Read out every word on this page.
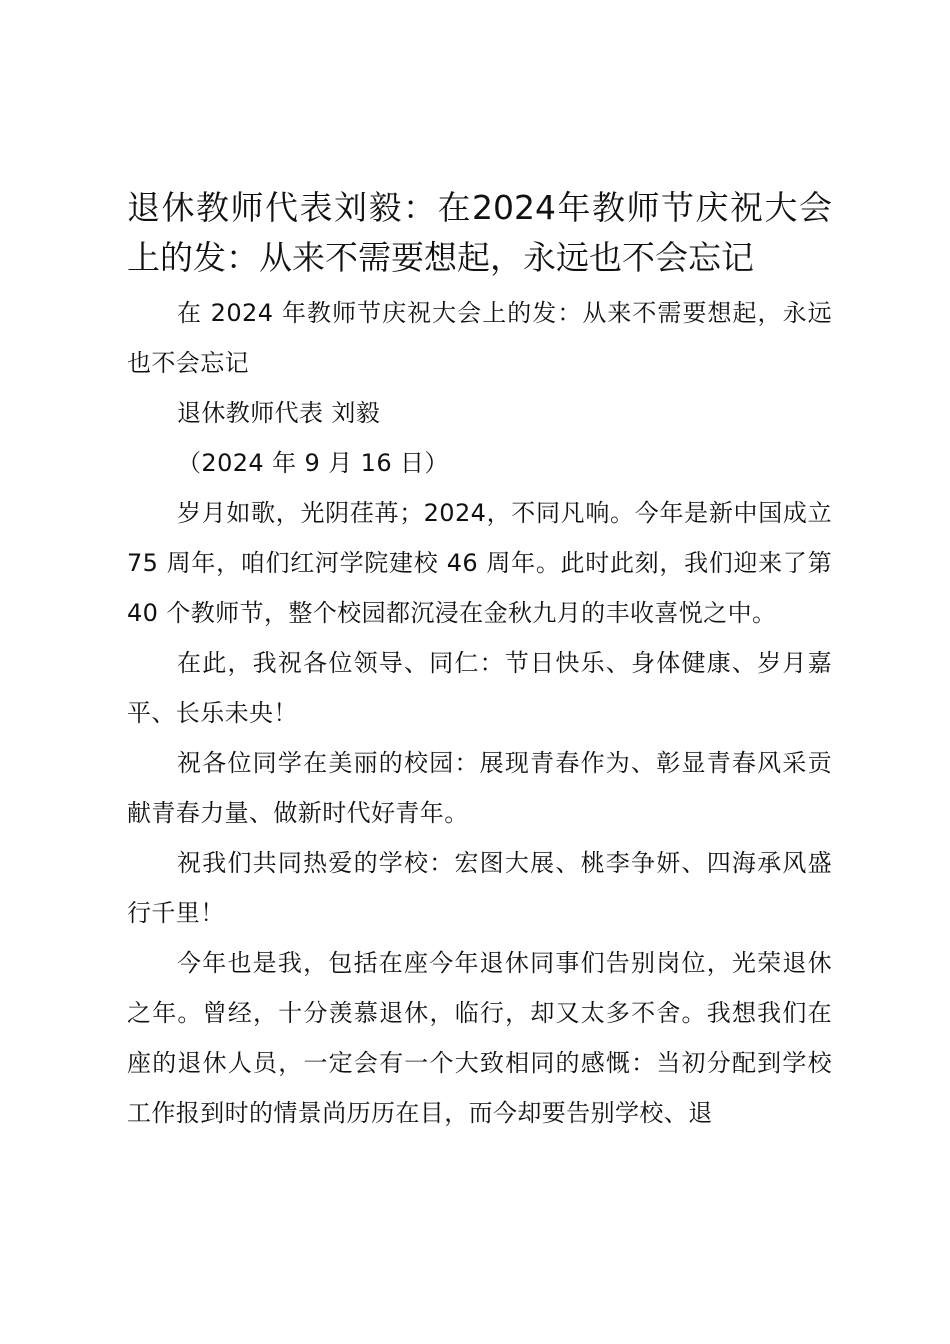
退休教师代表刘毅：在2024年教师节庆祝大会上的发：从来不需要想起，永远也不会忘记

在 2024 年教师节庆祝大会上的发：从来不需要想起，永远也不会忘记

退休教师代表 刘毅

（2024 年 9 月 16 日）

岁月如歌，光阴荏苒；2024，不同凡响。今年是新中国成立 75 周年，咱们红河学院建校 46 周年。此时此刻，我们迎来了第 40 个教师节，整个校园都沉浸在金秋九月的丰收喜悦之中。

在此，我祝各位领导、同仁：节日快乐、身体健康、岁月嘉平、长乐未央！

祝各位同学在美丽的校园：展现青春作为、彰显青春风采贡献青春力量、做新时代好青年。

祝我们共同热爱的学校：宏图大展、桃李争妍、四海承风盛行千里！

今年也是我，包括在座今年退休同事们告别岗位，光荣退休之年。曾经，十分羡慕退休，临行，却又太多不舍。我想我们在座的退休人员，一定会有一个大致相同的感慨：当初分配到学校工作报到时的情景尚历历在目，而今却要告别学校、退
